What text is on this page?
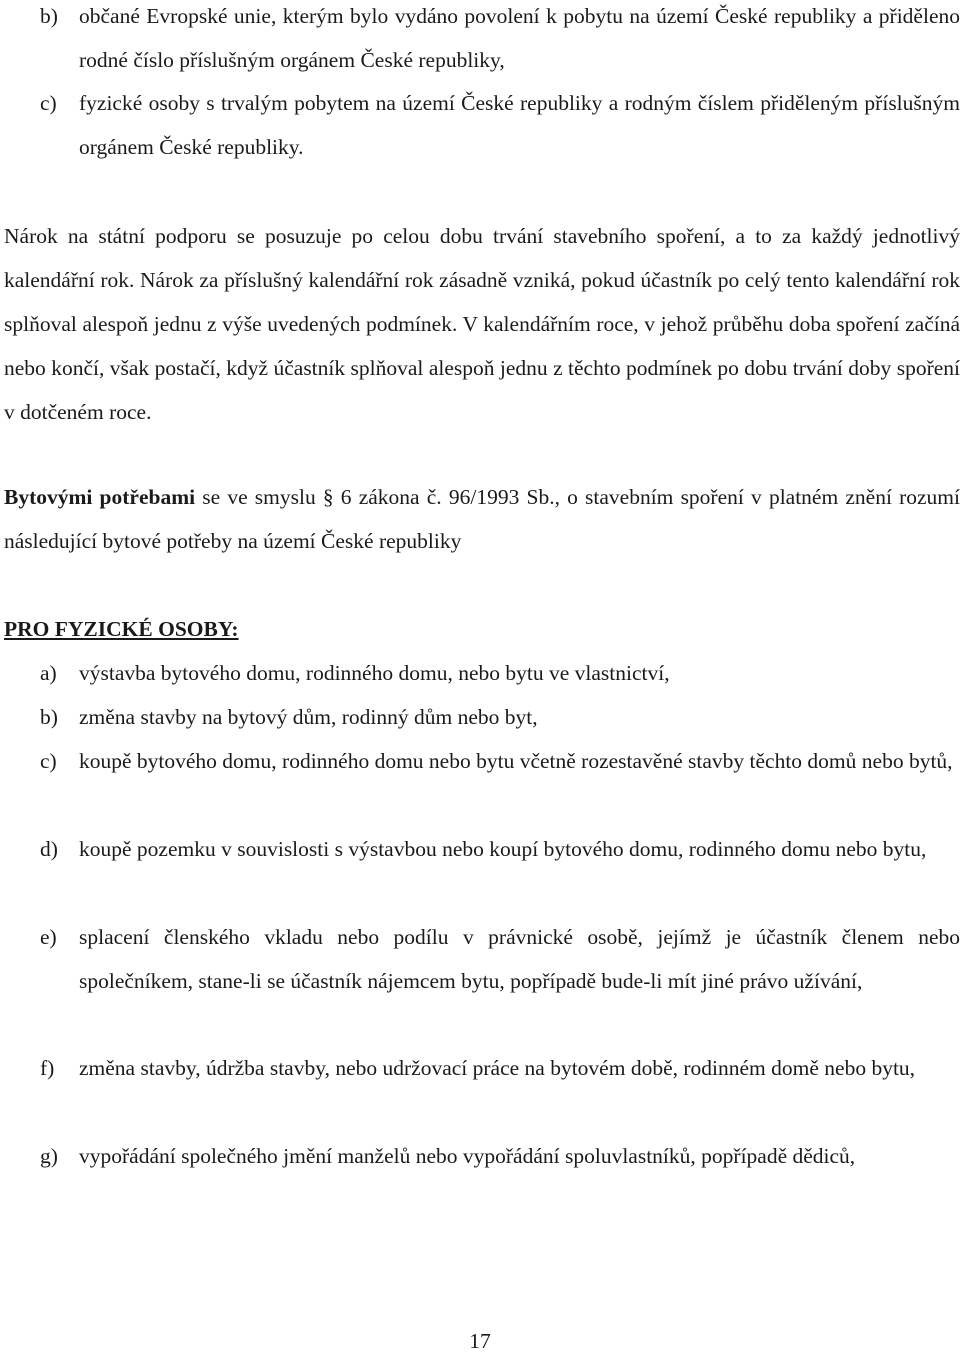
b) občané Evropské unie, kterým bylo vydáno povolení k pobytu na území České republiky a přiděleno rodné číslo příslušným orgánem České republiky,
c)	fyzické osoby s trvalým pobytem na území České republiky a rodným číslem přiděleným příslušným orgánem České republiky.
Nárok na státní podporu se posuzuje po celou dobu trvání stavebního spoření, a to za každý jednotlivý kalendářní rok. Nárok za příslušný kalendářní rok zásadně vzniká, pokud účastník po celý tento kalendářní rok splňoval alespoň jednu z výše uvedených podmínek. V kalendářním roce, v jehož průběhu doba spoření začíná nebo končí, však postačí, když účastník splňoval alespoň jednu z těchto podmínek po dobu trvání doby spoření v dotčeném roce.
Bytovými potřebami se ve smyslu § 6 zákona č. 96/1993 Sb., o stavebním spoření v platném znění rozumí následující bytové potřeby na území České republiky
PRO FYZICKÉ OSOBY:
a)	výstavba bytového domu, rodinného domu, nebo bytu ve vlastnictví,
b) změna stavby na bytový dům, rodinný dům nebo byt,
c)	koupě bytového domu, rodinného domu nebo bytu včetně rozestavěné stavby těchto domů nebo bytů,
d) koupě pozemku v souvislosti s výstavbou nebo koupí bytového domu, rodinného domu nebo bytu,
e)	splacení členského vkladu nebo podílu v právnické osobě, jejímž je účastník členem nebo společníkem, stane-li se účastník nájemcem bytu, popřípadě bude-li mít jiné právo užívání,
f)	změna stavby, údržba stavby, nebo udržovací práce na bytovém době, rodinném domě nebo bytu,
g) vypořádání společného jmění manželů nebo vypořádání spoluvlastníků, popřípadě dědiců,
17
